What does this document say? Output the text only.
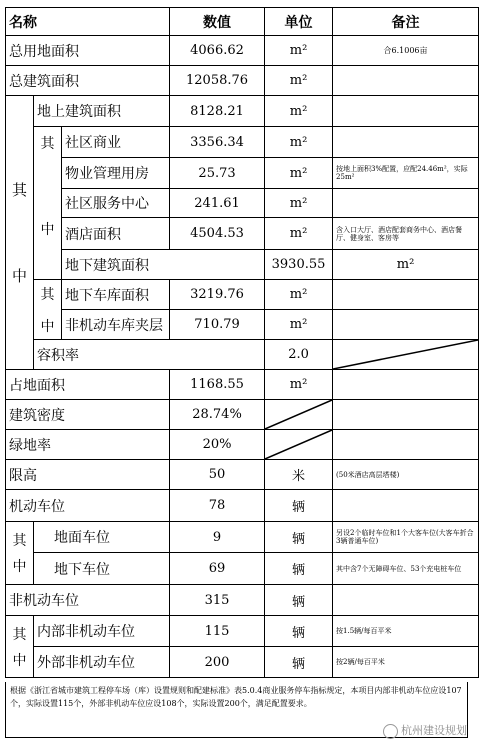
名称			数值	单位	备注	
总用地面积			4066.62	m²	合6.1006亩	
总建筑面积			12058.76	m²		

其
中	地上建筑面积		8128.21	m²		

	其
中	社区商业	3356.34	m²		
		物业管理用房	25.73	m²	按地上面积3%配置，应配24.46m²，实际25m²	
		社区服务中心	241.61	m²		
		酒店面积	4504.53	m²	含入口大厅、酒店配套商务中心、酒店餐厅、健身室、客房等	
		地下建筑面积		3930.55	m²	

	其
中	地下车库面积	3219.76	m²		
		非机动车库夹层	710.79	m²		
	容积率			2.0	

占地面积			1168.55	m²		
建筑密度			28.74%	

绿地率			20%	

限高			50	米	(50米酒店高层塔楼)	
机动车位			78	辆		

其
中	地面车位		9	辆	另设2个临时车位和1个大客车位(大客车折合3辆普通车位)	
	地下车位		69	辆	其中含7个无障碍车位、53个充电桩车位	
非机动车位			315	辆		

其
中	内部非机动车位		115	辆	按1.5辆/每百平米	
	外部非机动车位		200	辆	按2辆/每百平米	
根据《浙江省城市建筑工程停车场（库）设置规则和配建标准》表5.0.4商业服务停车指标规定，本项目内部非机动车位应设107个，实际设置115个，外部非机动车位应设108个，实际设置200个，满足配置要求。
杭州建设规划
